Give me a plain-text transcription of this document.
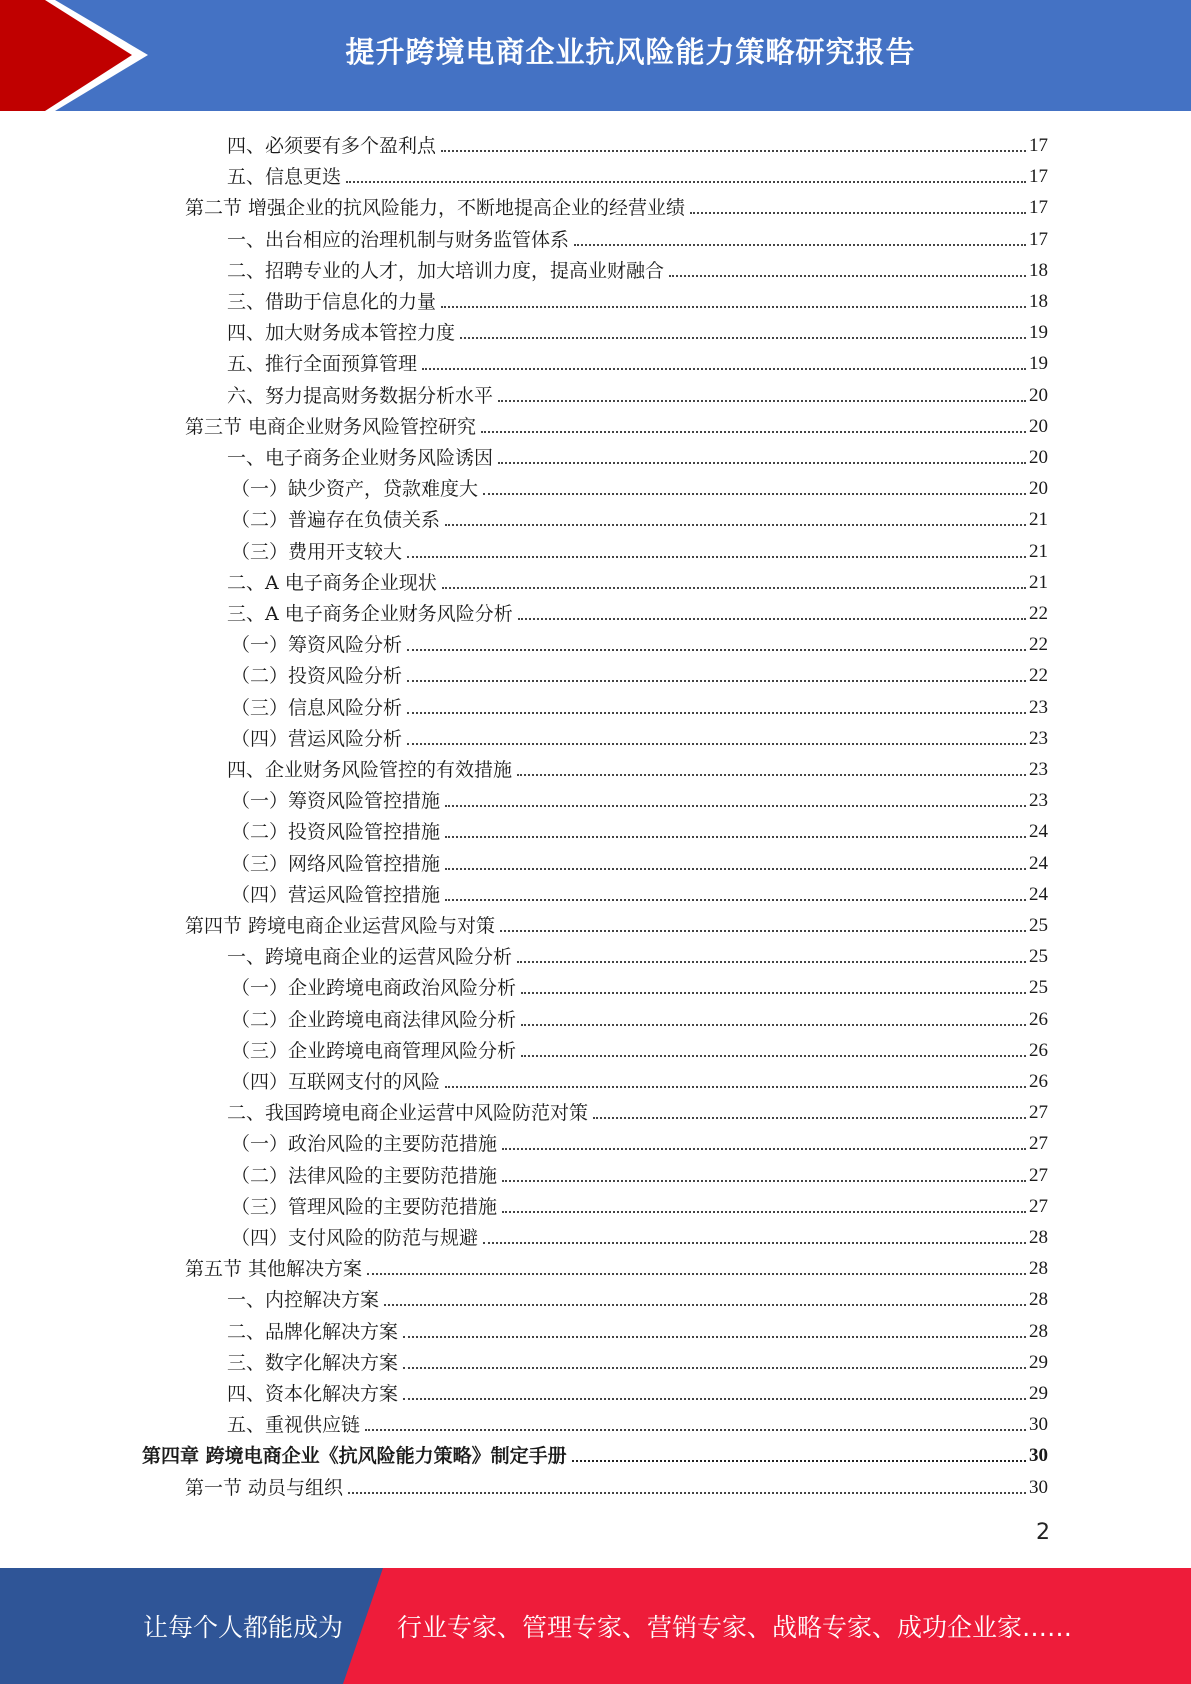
提升跨境电商企业抗风险能力策略研究报告
四、必须要有多个盈利点	17
五、信息更迭	17
第二节 增强企业的抗风险能力，不断地提高企业的经营业绩	17
一、出台相应的治理机制与财务监管体系	17
二、招聘专业的人才，加大培训力度，提高业财融合	18
三、借助于信息化的力量	18
四、加大财务成本管控力度	19
五、推行全面预算管理	19
六、努力提高财务数据分析水平	20
第三节 电商企业财务风险管控研究	20
一、电子商务企业财务风险诱因	20
（一）缺少资产，贷款难度大	20
（二）普遍存在负债关系	21
（三）费用开支较大	21
二、A 电子商务企业现状	21
三、A 电子商务企业财务风险分析	22
（一）筹资风险分析	22
（二）投资风险分析	22
（三）信息风险分析	23
（四）营运风险分析	23
四、企业财务风险管控的有效措施	23
（一）筹资风险管控措施	23
（二）投资风险管控措施	24
（三）网络风险管控措施	24
（四）营运风险管控措施	24
第四节 跨境电商企业运营风险与对策	25
一、跨境电商企业的运营风险分析	25
（一）企业跨境电商政治风险分析	25
（二）企业跨境电商法律风险分析	26
（三）企业跨境电商管理风险分析	26
（四）互联网支付的风险	26
二、我国跨境电商企业运营中风险防范对策	27
（一）政治风险的主要防范措施	27
（二）法律风险的主要防范措施	27
（三）管理风险的主要防范措施	27
（四）支付风险的防范与规避	28
第五节 其他解决方案	28
一、内控解决方案	28
二、品牌化解决方案	28
三、数字化解决方案	29
四、资本化解决方案	29
五、重视供应链	30
第四章 跨境电商企业《抗风险能力策略》制定手册	30
第一节 动员与组织	30
2
让每个人都能成为 行业专家、管理专家、营销专家、战略专家、成功企业家……
